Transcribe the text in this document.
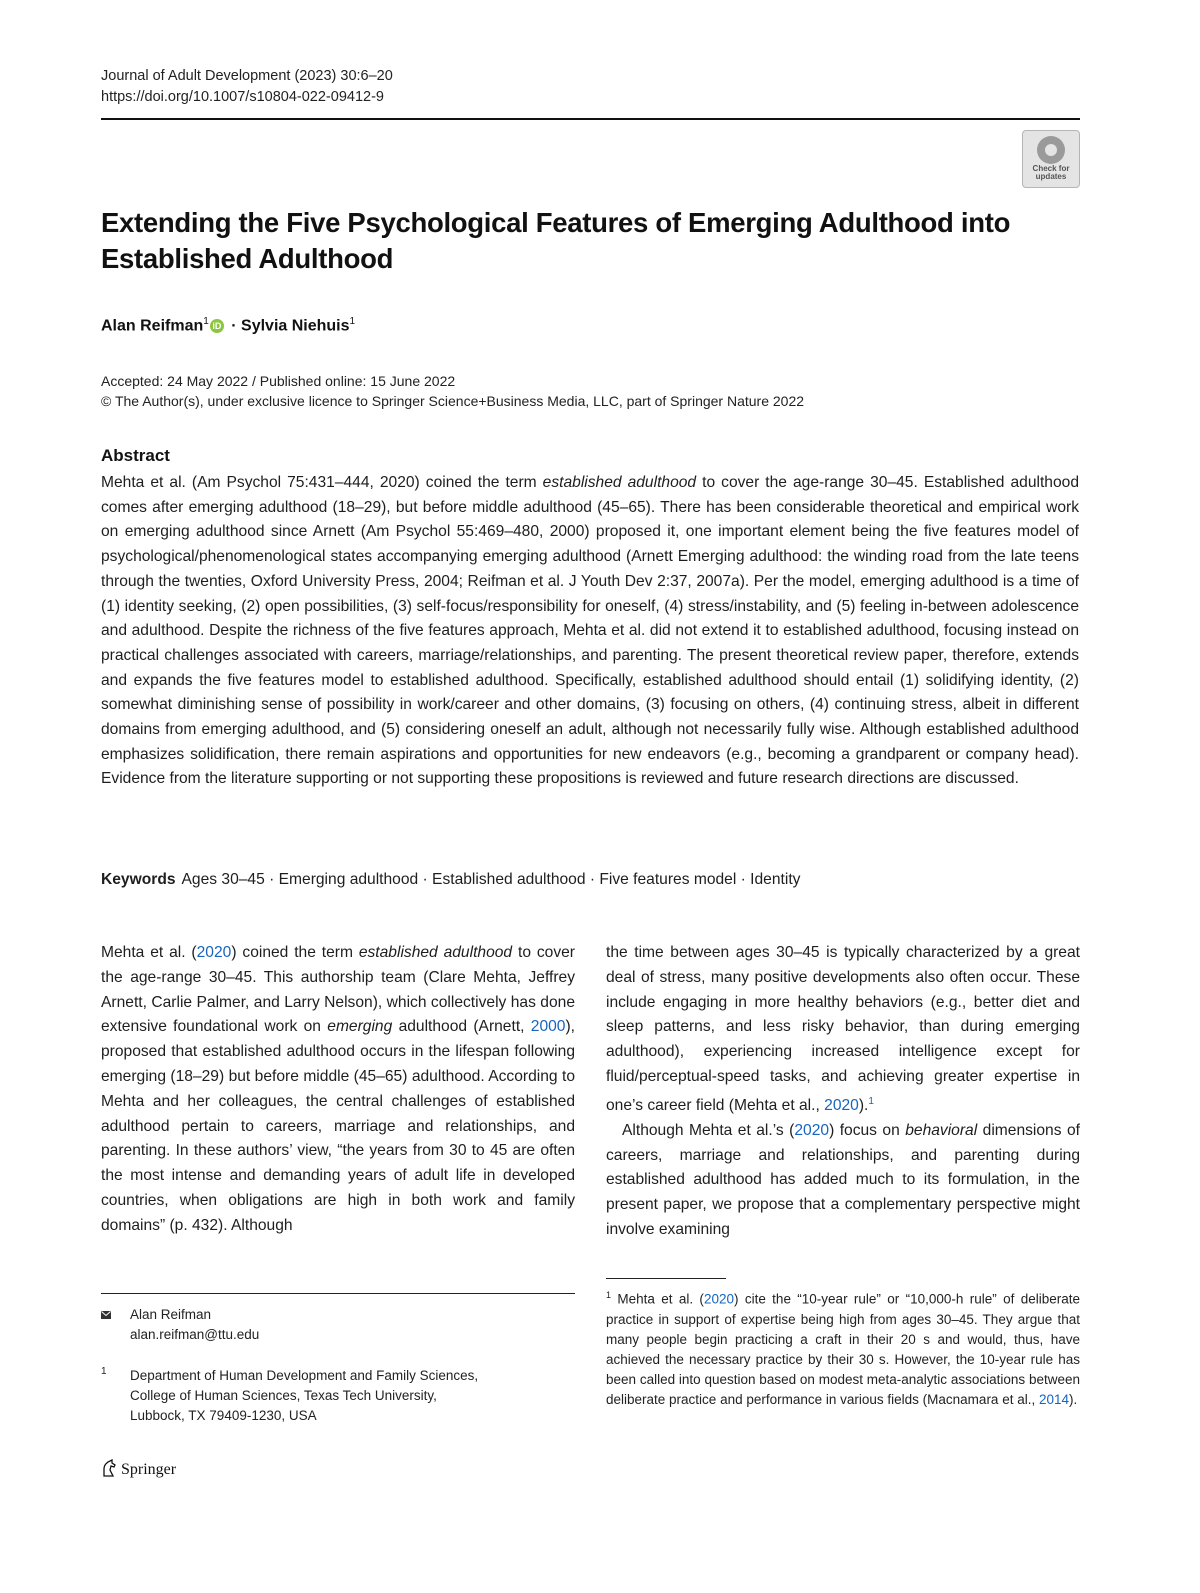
Journal of Adult Development (2023) 30:6–20
https://doi.org/10.1007/s10804-022-09412-9
Check for
updates
Extending the Five Psychological Features of Emerging Adulthood into Established Adulthood
Alan Reifman$^1$ iD · Sylvia Niehuis$^1$
Accepted: 24 May 2022 / Published online: 15 June 2022
© The Author(s), under exclusive licence to Springer Science+Business Media, LLC, part of Springer Nature 2022
Abstract
Mehta et al. (Am Psychol 75:431–444, 2020) coined the term established adulthood to cover the age-range 30–45. Established adulthood comes after emerging adulthood (18–29), but before middle adulthood (45–65). There has been considerable theoretical and empirical work on emerging adulthood since Arnett (Am Psychol 55:469–480, 2000) proposed it, one important element being the five features model of psychological/phenomenological states accompanying emerging adulthood (Arnett Emerging adulthood: the winding road from the late teens through the twenties, Oxford University Press, 2004; Reifman et al. J Youth Dev 2:37, 2007a). Per the model, emerging adulthood is a time of (1) identity seeking, (2) open possibilities, (3) self-focus/responsibility for oneself, (4) stress/instability, and (5) feeling in-between adolescence and adulthood. Despite the richness of the five features approach, Mehta et al. did not extend it to established adulthood, focusing instead on practical challenges associated with careers, marriage/relationships, and parenting. The present theoretical review paper, therefore, extends and expands the five features model to established adulthood. Specifically, established adulthood should entail (1) solidifying identity, (2) somewhat diminishing sense of possibility in work/career and other domains, (3) focusing on others, (4) continuing stress, albeit in different domains from emerging adulthood, and (5) considering oneself an adult, although not necessarily fully wise. Although established adulthood emphasizes solidification, there remain aspirations and opportunities for new endeavors (e.g., becoming a grandparent or company head). Evidence from the literature supporting or not supporting these propositions is reviewed and future research directions are discussed.
Keywords Ages 30–45 · Emerging adulthood · Established adulthood · Five features model · Identity

Mehta et al. (2020) coined the term established adulthood to cover the age-range 30–45. This authorship team (Clare Mehta, Jeffrey Arnett, Carlie Palmer, and Larry Nelson), which collectively has done extensive foundational work on emerging adulthood (Arnett, 2000), proposed that established adulthood occurs in the lifespan following emerging (18–29) but before middle (45–65) adulthood. According to Mehta and her colleagues, the central challenges of established adulthood pertain to careers, marriage and relationships, and parenting. In these authors’ view, “the years from 30 to 45 are often the most intense and demanding years of adult life in developed countries, when obligations are high in both work and family domains” (p. 432). Although

the time between ages 30–45 is typically characterized by a great deal of stress, many positive developments also often occur. These include engaging in more healthy behaviors (e.g., better diet and sleep patterns, and less risky behavior, than during emerging adulthood), experiencing increased intelligence except for fluid/perceptual-speed tasks, and achieving greater expertise in one’s career field (Mehta et al., 2020).$^1$

Although Mehta et al.’s (2020) focus on behavioral dimensions of careers, marriage and relationships, and parenting during established adulthood has added much to its formulation, in the present paper, we propose that a complementary perspective might involve examining

$^1$ Mehta et al. (2020) cite the “10-year rule” or “10,000-h rule” of deliberate practice in support of expertise being high from ages 30–45. They argue that many people begin practicing a craft in their 20 s and would, thus, have achieved the necessary practice by their 30 s. However, the 10-year rule has been called into question based on modest meta-analytic associations between deliberate practice and performance in various fields (Macnamara et al., 2014).
Alan Reifman
alan.reifman@ttu.edu
1 Department of Human Development and Family Sciences,
College of Human Sciences, Texas Tech University,
Lubbock, TX 79409-1230, USA
Springer
